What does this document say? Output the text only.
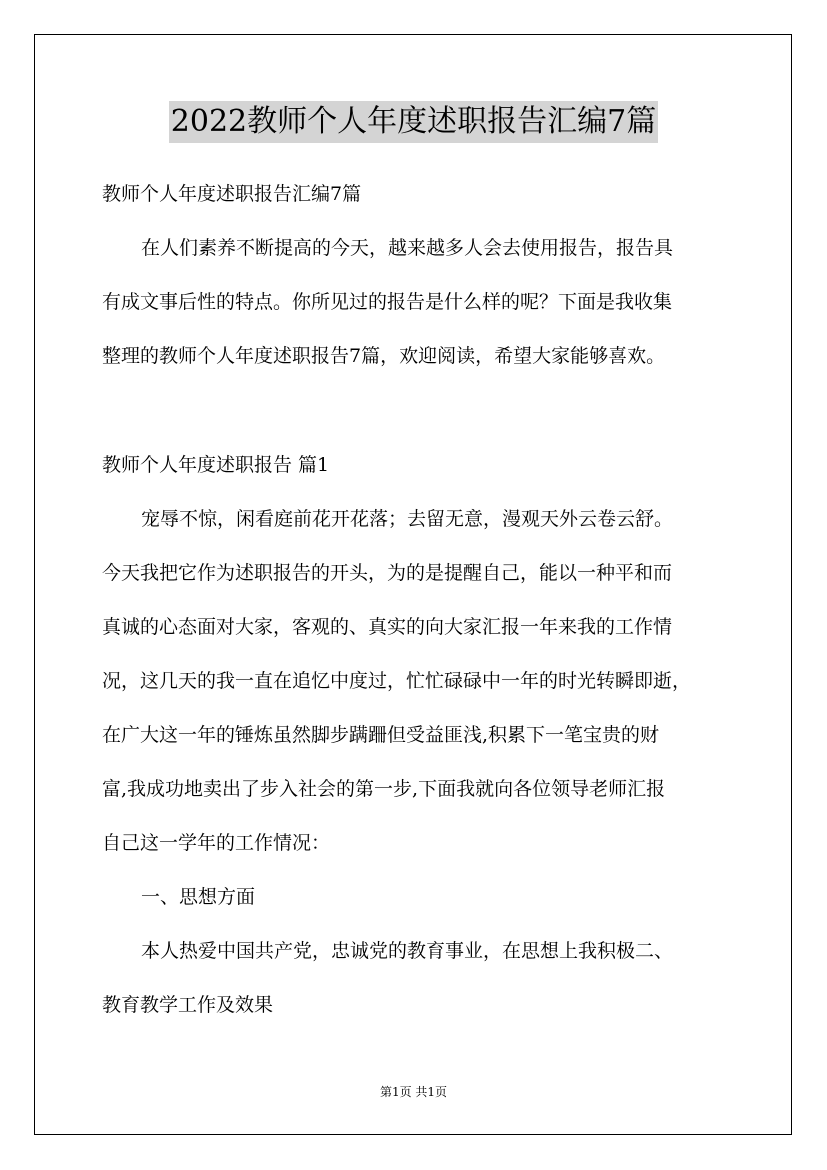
2022教师个人年度述职报告汇编7篇
教师个人年度述职报告汇编7篇
在人们素养不断提高的今天，越来越多人会去使用报告，报告具
有成文事后性的特点。你所见过的报告是什么样的呢？下面是我收集
整理的教师个人年度述职报告7篇，欢迎阅读，希望大家能够喜欢。
教师个人年度述职报告 篇1
宠辱不惊，闲看庭前花开花落；去留无意，漫观天外云卷云舒。
今天我把它作为述职报告的开头，为的是提醒自己，能以一种平和而
真诚的心态面对大家，客观的、真实的向大家汇报一年来我的工作情
况，这几天的我一直在追忆中度过，忙忙碌碌中一年的时光转瞬即逝，
在广大这一年的锤炼虽然脚步蹒跚但受益匪浅,积累下一笔宝贵的财
富,我成功地卖出了步入社会的第一步,下面我就向各位领导老师汇报
自己这一学年的工作情况：
一、思想方面
本人热爱中国共产党，忠诚党的教育事业，在思想上我积极二、
教育教学工作及效果
第1页 共1页
